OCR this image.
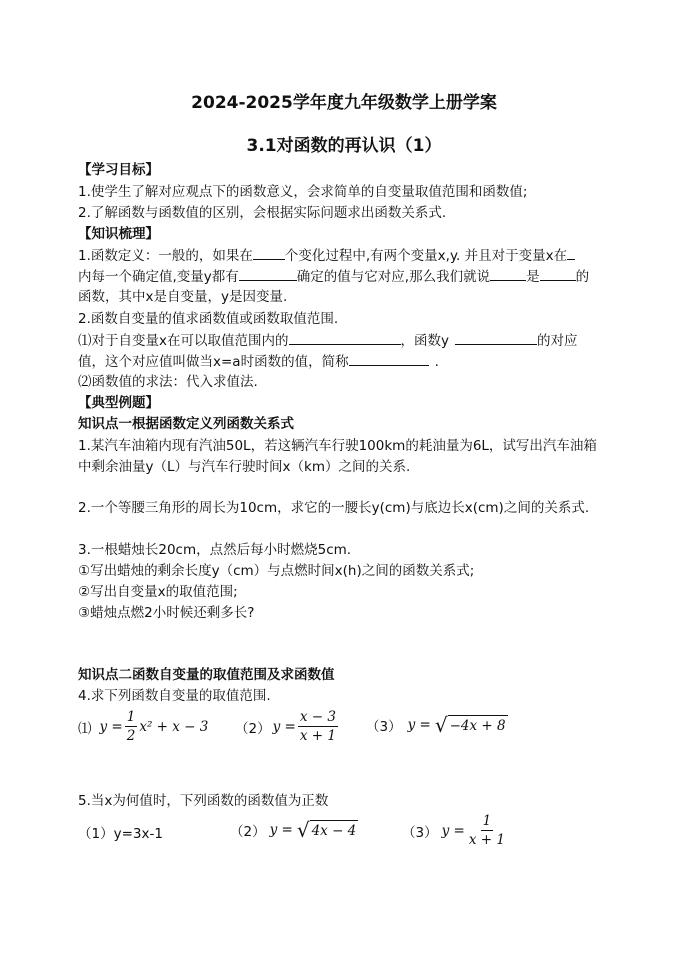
2024-2025学年度九年级数学上册学案
3.1对函数的再认识（1）
【学习目标】
1.使学生了解对应观点下的函数意义，会求简单的自变量取值范围和函数值;
2.了解函数与函数值的区别，会根据实际问题求出函数关系式.
【知识梳理】
1.函数定义：一般的，如果在 个变化过程中,有两个变量x,y. 并且对于变量x在
内每一个确定值,变量y都有	确定的值与它对应,那么我们就说	是	的
函数，其中x是自变量，y是因变量.
2.函数自变量的值求函数值或函数取值范围.
⑴对于自变量x在可以取值范围内的	，函数y	的对应
值，这个对应值叫做当x=a时函数的值，简称	.
⑵函数值的求法：代入求值法.
【典型例题】
知识点一根据函数定义列函数关系式
1.某汽车油箱内现有汽油50L，若这辆汽车行驶100km的耗油量为6L，试写出汽车油箱
中剩余油量y（L）与汽车行驶时间x（km）之间的关系.
2.一个等腰三角形的周长为10cm，求它的一腰长y(cm)与底边长x(cm)之间的关系式.
3.一根蜡烛长20cm，点然后每小时燃烧5cm.
①写出蜡烛的剩余长度y（cm）与点燃时间x(h)之间的函数关系式;
②写出自变量x的取值范围;
③蜡烛点燃2小时候还剩多长?
知识点二函数自变量的取值范围及求函数值
4.求下列函数自变量的取值范围.
⑴ $y = \frac{1}{2} x^2 + x - 3$ （2） $y = \frac{x - 3}{x + 1} (3) y$ = √ −4x + 8
5.当x为何值时，下列函数的函数值为正数
（1）y=3x-1	（2） y = √ 4x − 4	（3） $y = \frac{1}{x + 1}$
